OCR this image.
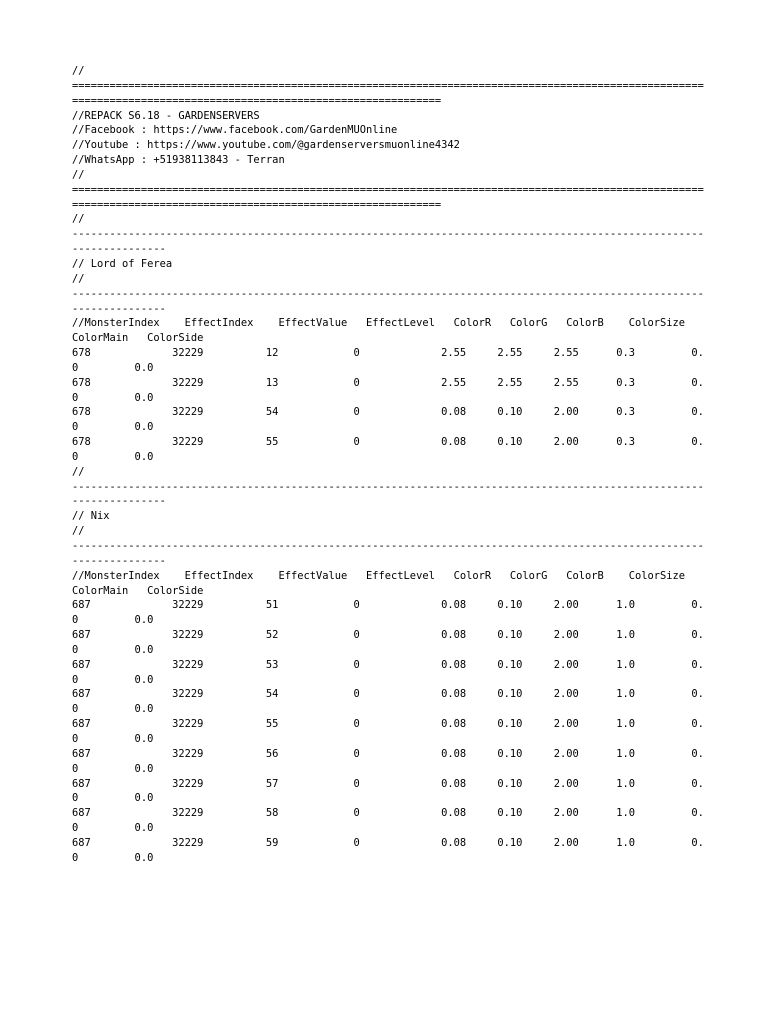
//
================================================================================================================================================================
//REPACK S6.18 - GARDENSERVERS
//Facebook : https://www.facebook.com/GardenMUOnline
//Youtube : https://www.youtube.com/@gardenserversmuonline4342
//WhatsApp : +51938113843 - Terran
//
================================================================================================================================================================
//
--------------------------------------------------------------------------------------------------------------------
// Lord of Ferea
//
--------------------------------------------------------------------------------------------------------------------
//MonsterIndex    EffectIndex    EffectValue   EffectLevel   ColorR   ColorG   ColorB    ColorSize   ColorMain   ColorSide
678             32229          12            0             2.55     2.55     2.55      0.3         0.0         0.0
678             32229          13            0             2.55     2.55     2.55      0.3         0.0         0.0
678             32229          54            0             0.08     0.10     2.00      0.3         0.0         0.0
678             32229          55            0             0.08     0.10     2.00      0.3         0.0         0.0
//
--------------------------------------------------------------------------------------------------------------------
// Nix
//
--------------------------------------------------------------------------------------------------------------------
//MonsterIndex    EffectIndex    EffectValue   EffectLevel   ColorR   ColorG   ColorB    ColorSize   ColorMain   ColorSide
687             32229          51            0             0.08     0.10     2.00      1.0         0.0         0.0
687             32229          52            0             0.08     0.10     2.00      1.0         0.0         0.0
687             32229          53            0             0.08     0.10     2.00      1.0         0.0         0.0
687             32229          54            0             0.08     0.10     2.00      1.0         0.0         0.0
687             32229          55            0             0.08     0.10     2.00      1.0         0.0         0.0
687             32229          56            0             0.08     0.10     2.00      1.0         0.0         0.0
687             32229          57            0             0.08     0.10     2.00      1.0         0.0         0.0
687             32229          58            0             0.08     0.10     2.00      1.0         0.0         0.0
687             32229          59            0             0.08     0.10     2.00      1.0         0.0         0.0
